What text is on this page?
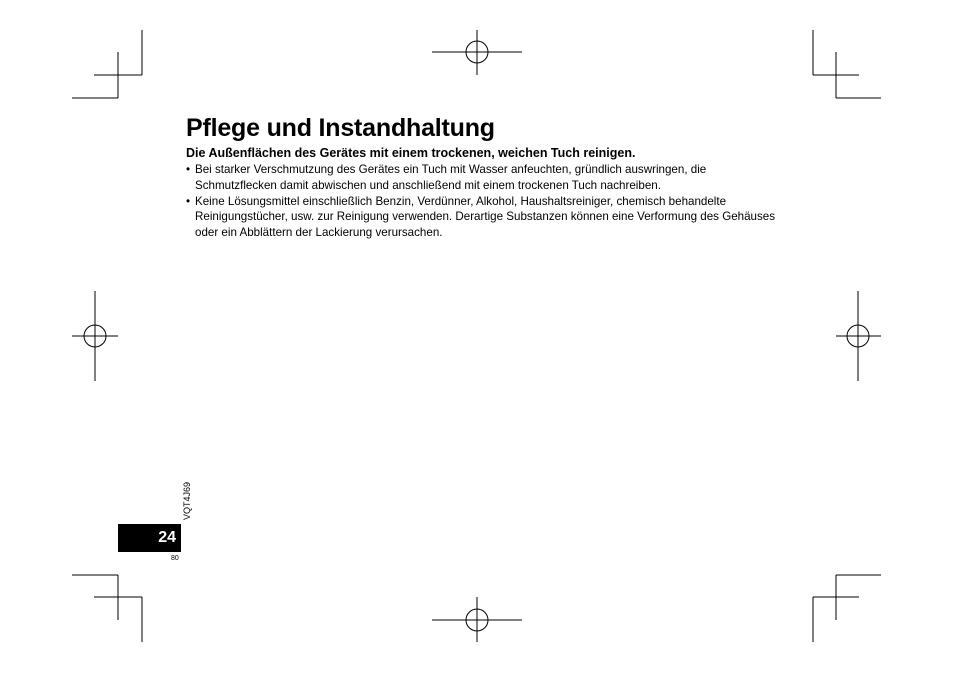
Pflege und Instandhaltung

Die Außenflächen des Gerätes mit einem trockenen, weichen Tuch reinigen.

• Bei starker Verschmutzung des Gerätes ein Tuch mit Wasser anfeuchten, gründlich auswringen, die Schmutzflecken damit abwischen und anschließend mit einem trockenen Tuch nachreiben.
• Keine Lösungsmittel einschließlich Benzin, Verdünner, Alkohol, Haushaltsreiniger, chemisch behandelte Reinigungstücher, usw. zur Reinigung verwenden. Derartige Substanzen können eine Verformung des Gehäuses oder ein Abblättern der Lackierung verursachen.
VQT4J69
24
80
